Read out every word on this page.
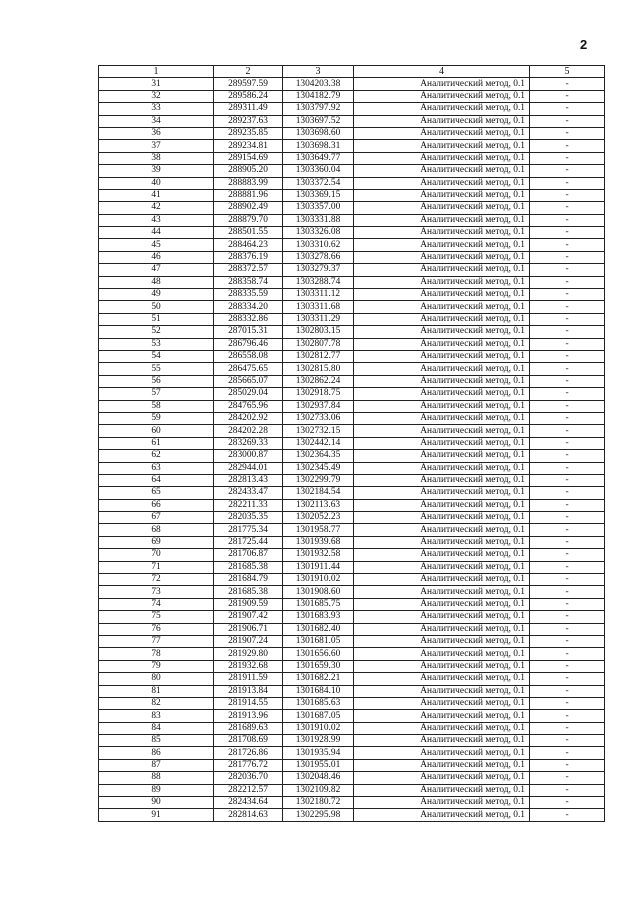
2
1	2	3	4	5
31	289597.59	1304203.38	Аналитический метод, 0.1	-
32	289586.24	1304182.79	Аналитический метод, 0.1	-
33	289311.49	1303797.92	Аналитический метод, 0.1	-
34	289237.63	1303697.52	Аналитический метод, 0.1	-
36	289235.85	1303698.60	Аналитический метод, 0.1	-
37	289234.81	1303698.31	Аналитический метод, 0.1	-
38	289154.69	1303649.77	Аналитический метод, 0.1	-
39	288905.20	1303360.04	Аналитический метод, 0.1	-
40	288883.99	1303372.54	Аналитический метод, 0.1	-
41	288881.96	1303369.15	Аналитический метод, 0.1	-
42	288902.49	1303357.00	Аналитический метод, 0.1	-
43	288879.70	1303331.88	Аналитический метод, 0.1	-
44	288501.55	1303326.08	Аналитический метод, 0.1	-
45	288464.23	1303310.62	Аналитический метод, 0.1	-
46	288376.19	1303278.66	Аналитический метод, 0.1	-
47	288372.57	1303279.37	Аналитический метод, 0.1	-
48	288358.74	1303288.74	Аналитический метод, 0.1	-
49	288335.59	1303311.12	Аналитический метод, 0.1	-
50	288334.20	1303311.68	Аналитический метод, 0.1	-
51	288332.86	1303311.29	Аналитический метод, 0.1	-
52	287015.31	1302803.15	Аналитический метод, 0.1	-
53	286796.46	1302807.78	Аналитический метод, 0.1	-
54	286558.08	1302812.77	Аналитический метод, 0.1	-
55	286475.65	1302815.80	Аналитический метод, 0.1	-
56	285665.07	1302862.24	Аналитический метод, 0.1	-
57	285029.04	1302918.75	Аналитический метод, 0.1	-
58	284765.96	1302937.84	Аналитический метод, 0.1	-
59	284202.92	1302733.06	Аналитический метод, 0.1	-
60	284202.28	1302732.15	Аналитический метод, 0.1	-
61	283269.33	1302442.14	Аналитический метод, 0.1	-
62	283000.87	1302364.35	Аналитический метод, 0.1	-
63	282944.01	1302345.49	Аналитический метод, 0.1	-
64	282813.43	1302299.79	Аналитический метод, 0.1	-
65	282433.47	1302184.54	Аналитический метод, 0.1	-
66	282211.33	1302113.63	Аналитический метод, 0.1	-
67	282035.35	1302052.23	Аналитический метод, 0.1	-
68	281775.34	1301958.77	Аналитический метод, 0.1	-
69	281725.44	1301939.68	Аналитический метод, 0.1	-
70	281706.87	1301932.58	Аналитический метод, 0.1	-
71	281685.38	1301911.44	Аналитический метод, 0.1	-
72	281684.79	1301910.02	Аналитический метод, 0.1	-
73	281685.38	1301908.60	Аналитический метод, 0.1	-
74	281909.59	1301685.75	Аналитический метод, 0.1	-
75	281907.42	1301683.93	Аналитический метод, 0.1	-
76	281906.71	1301682.40	Аналитический метод, 0.1	-
77	281907.24	1301681.05	Аналитический метод, 0.1	-
78	281929.80	1301656.60	Аналитический метод, 0.1	-
79	281932.68	1301659.30	Аналитический метод, 0.1	-
80	281911.59	1301682.21	Аналитический метод, 0.1	-
81	281913.84	1301684.10	Аналитический метод, 0.1	-
82	281914.55	1301685.63	Аналитический метод, 0.1	-
83	281913.96	1301687.05	Аналитический метод, 0.1	-
84	281689.63	1301910.02	Аналитический метод, 0.1	-
85	281708.69	1301928.99	Аналитический метод, 0.1	-
86	281726.86	1301935.94	Аналитический метод, 0.1	-
87	281776.72	1301955.01	Аналитический метод, 0.1	-
88	282036.70	1302048.46	Аналитический метод, 0.1	-
89	282212.57	1302109.82	Аналитический метод, 0.1	-
90	282434.64	1302180.72	Аналитический метод, 0.1	-
91	282814.63	1302295.98	Аналитический метод, 0.1	-
